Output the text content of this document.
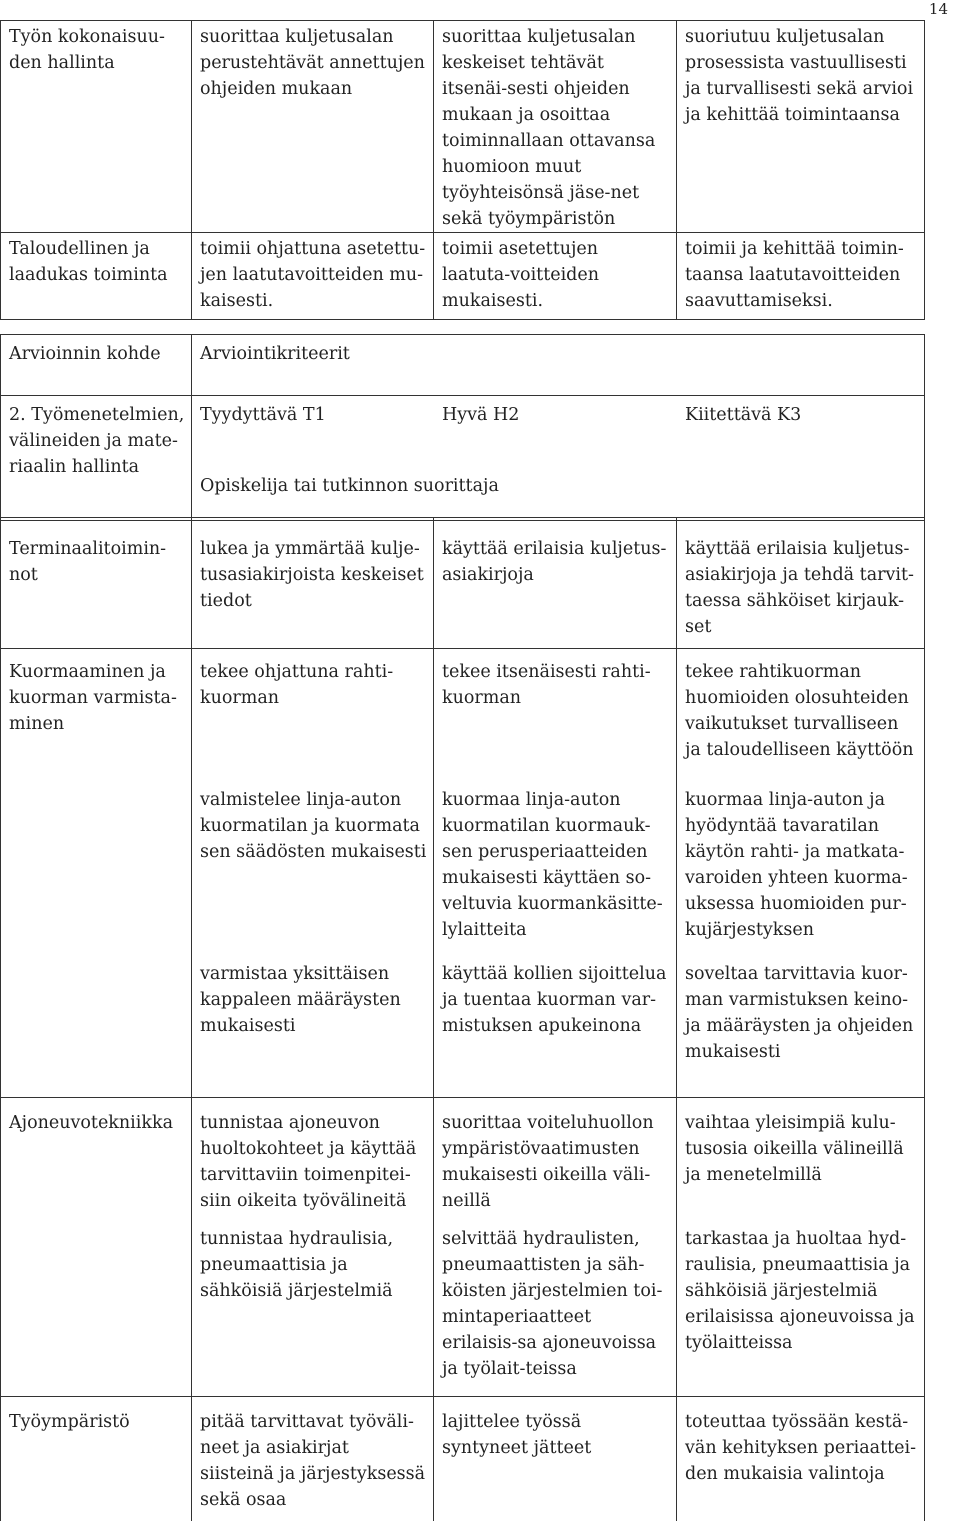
14
Työn kokonaisuu-den hallinta	suorittaa kuljetusalan perustehtävät annettujen ohjeiden mukaan	suorittaa kuljetusalan keskeiset tehtävät itsenäi-sesti ohjeiden mukaan ja osoittaa toiminnallaan ottavansa huomioon muut työyhteisönsä jäse-net sekä työympäristön	suoriutuu kuljetusalan prosessista vastuullisesti ja turvallisesti sekä arvioi ja kehittää toimintaansa
Taloudellinen ja laadukas toiminta	toimii ohjattuna asetettu-jen laatutavoitteiden mu-kaisesti.	toimii asetettujen laatuta-voitteiden mukaisesti.	toimii ja kehittää toimin-taansa laatutavoitteiden saavuttamiseksi.
Arvioinnin kohde	Arviointikriteerit
2. Työmenetelmien, välineiden ja mate-riaalin hallinta	Tyydyttävä T1 Hyvä H2 Kiitettävä K3

Opiskelija tai tutkinnon suorittaja

Terminaalitoimin-not	lukea ja ymmärtää kulje-tusasiakirjoista keskeiset tiedot	käyttää erilaisia kuljetus-asiakirjoja	käyttää erilaisia kuljetus-asiakirjoja ja tehdä tarvit-taessa sähköiset kirjauk-set
Kuormaaminen ja kuorman varmista-minen	tekee ohjattuna rahti-kuorman	tekee itsenäisesti rahti-kuorman	tekee rahtikuorman huomioiden olosuhteiden vaikutukset turvalliseen ja taloudelliseen käyttöön
	valmistelee linja-auton kuormatilan ja kuormata sen säädösten mukaisesti	kuormaa linja-auton kuormatilan kuormauk-sen perusperiaatteiden mukaisesti käyttäen so-veltuvia kuormankäsitte-lylaitteita	kuormaa linja-auton ja hyödyntää tavaratilan käytön rahti- ja matkata-varoiden yhteen kuorma-uksessa huomioiden pur-kujärjestyksen
	varmistaa yksittäisen kappaleen määräysten mukaisesti	käyttää kollien sijoittelua ja tuentaa kuorman var-mistuksen apukeinona	soveltaa tarvittavia kuor-man varmistuksen keino-ja määräysten ja ohjeiden mukaisesti
Ajoneuvotekniikka	tunnistaa ajoneuvon huoltokohteet ja käyttää tarvittaviin toimenpitei-siin oikeita työvälineitä	suorittaa voiteluhuollon ympäristövaatimusten mukaisesti oikeilla väli-neillä	vaihtaa yleisimpiä kulu-tusosia oikeilla välineillä ja menetelmillä
	tunnistaa hydraulisia, pneumaattisia ja sähköisiä järjestelmiä	selvittää hydraulisten, pneumaattisten ja säh-köisten järjestelmien toi-mintaperiaatteet erilaisis-sa ajoneuvoissa ja työlait-teissa	tarkastaa ja huoltaa hyd-raulisia, pneumaattisia ja sähköisiä järjestelmiä erilaisissa ajoneuvoissa ja työlaitteissa
Työympäristö	pitää tarvittavat työväli-neet ja asiakirjat siisteinä ja järjestyksessä sekä osaa	lajittelee työssä syntyneet jätteet	toteuttaa työssään kestä-vän kehityksen periaattei-den mukaisia valintoja
